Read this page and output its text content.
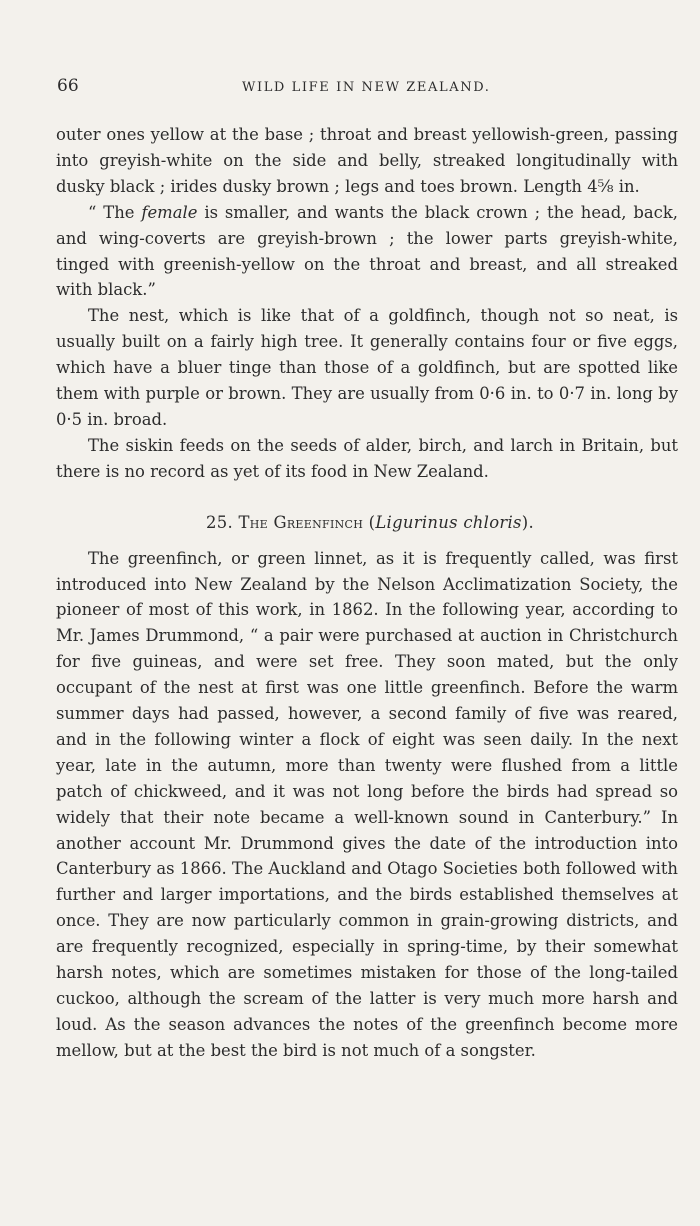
66	WILD LIFE IN NEW ZEALAND.

outer ones yellow at the base ; throat and breast yellowish-green, passing into greyish-white on the side and belly, streaked longitudinally with dusky black ; irides dusky brown ; legs and toes brown. Length 4⅝ in.

“ The female is smaller, and wants the black crown ; the head, back, and wing-coverts are greyish-brown ; the lower parts greyish-white, tinged with greenish-yellow on the throat and breast, and all streaked with black.”

The nest, which is like that of a goldfinch, though not so neat, is usually built on a fairly high tree. It generally contains four or five eggs, which have a bluer tinge than those of a goldfinch, but are spotted like them with purple or brown. They are usually from 0·6 in. to 0·7 in. long by 0·5 in. broad.

The siskin feeds on the seeds of alder, birch, and larch in Britain, but there is no record as yet of its food in New Zealand.

25. The Greenfinch (Ligurinus chloris).

The greenfinch, or green linnet, as it is frequently called, was first introduced into New Zealand by the Nelson Acclimatization Society, the pioneer of most of this work, in 1862. In the following year, according to Mr. James Drummond, “ a pair were purchased at auction in Christchurch for five guineas, and were set free. They soon mated, but the only occupant of the nest at first was one little greenfinch. Before the warm summer days had passed, however, a second family of five was reared, and in the following winter a flock of eight was seen daily. In the next year, late in the autumn, more than twenty were flushed from a little patch of chickweed, and it was not long before the birds had spread so widely that their note became a well-known sound in Canterbury.” In another account Mr. Drummond gives the date of the introduction into Canterbury as 1866. The Auckland and Otago Societies both followed with further and larger importations, and the birds established themselves at once. They are now particularly common in grain-growing districts, and are frequently recognized, especially in spring-time, by their somewhat harsh notes, which are sometimes mistaken for those of the long-tailed cuckoo, although the scream of the latter is very much more harsh and loud. As the season advances the notes of the greenfinch become more mellow, but at the best the bird is not much of a songster.
